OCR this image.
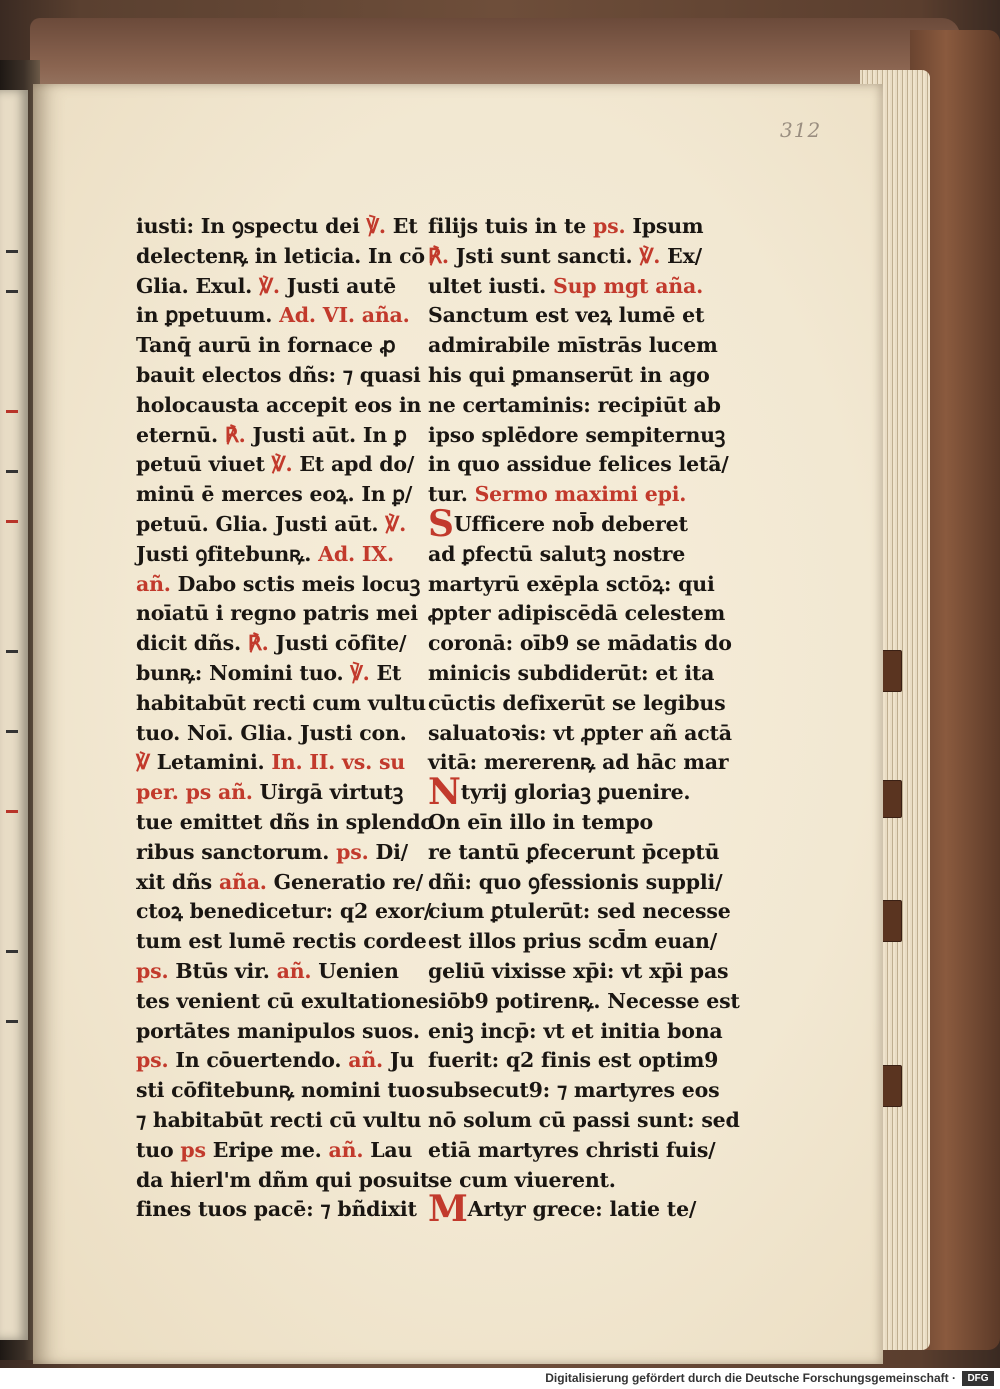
312
iusti: In ꝯspectu dei ℣. Et
delectenꝶ in leticia. In cō
Glia. Exul. ℣. Justi autē
in ꝑpetuum. Ad. VI. aña.
Tanq̄ aurū in fornace ꝓ
bauit electos dñs: ⁊ quasi
holocausta accepit eos in
eternū. ℟. Justi aūt. In ꝑ
petuū viuet ℣. Et apd do/
minū ē merces eoꝝ. In ꝑ/
petuū. Glia. Justi aūt. ℣.
Justi ꝯfitebunꝶ. Ad. IX.
añ. Dabo sctis meis locuꝫ
noīatū i regno patris mei
dicit dñs. ℟. Justi cōfite/
bunꝶ: Nomini tuo. ℣. Et
habitabūt recti cum vultu
tuo. Noī. Glia. Justi con.
℣ Letamini. In. II. vs. su
per. ps añ. Uirgā virtutꝫ
tue emittet dñs in splendo
ribus sanctorum. ps. Di/
xit dñs aña. Generatio re/
ctoꝝ benedicetur: q2 exor/
tum est lumē rectis corde
ps. Btūs vir. añ. Uenien
tes venient cū exultatione
portātes manipulos suos.
ps. In cōuertendo. añ. Ju
sti cōfitebunꝶ nomini tuo:
⁊ habitabūt recti cū vultu
tuo ps Eripe me. añ. Lau
da hierl'm dñm qui posuit
fines tuos pacē: ⁊ bñdixit
filijs tuis in te ps. Ipsum
℟. Jsti sunt sancti. ℣. Ex/
ultet iusti. Sup mgt aña.
Sanctum est veꝝ lumē et
admirabile mīstrās lucem
his qui ꝑmanserūt in ago
ne certaminis: recipiūt ab
ipso splēdore sempiternuꝫ
in quo assidue felices letā/
tur. Sermo maximi epi.
SUfficere nob̄ deberet
ad ꝑfectū salutꝫ nostre
martyrū exēpla sctōꝝ: qui
ꝓpter adipiscēdā celestem
coronā: oīb9 se mādatis do
minicis subdiderūt: et ita
cūctis defixerūt se legibus
saluatoꝛis: vt ꝓpter añ actā
vitā: mererenꝶ ad hāc mar
Ntyrij gloriaꝫ ꝑuenire.
On eīn illo in tempo
re tantū ꝑfecerunt p̄ceptū
dñi: quo ꝯfessionis suppli/
cium ꝑtulerūt: sed necesse
est illos prius scd̄m euan/
geliū vixisse xp̄i: vt xp̄i pas
siōb9 potirenꝶ. Necesse est
eniꝫ incp̄: vt et initia bona
fuerit: q2 finis est optim9
subsecut9: ⁊ martyres eos
nō solum cū passi sunt: sed
etiā martyres christi fuis/
se cum viuerent.
MArtyr grece: latie te/
Digitalisierung gefördert durch die Deutsche Forschungsgemeinschaft ·	DFG
